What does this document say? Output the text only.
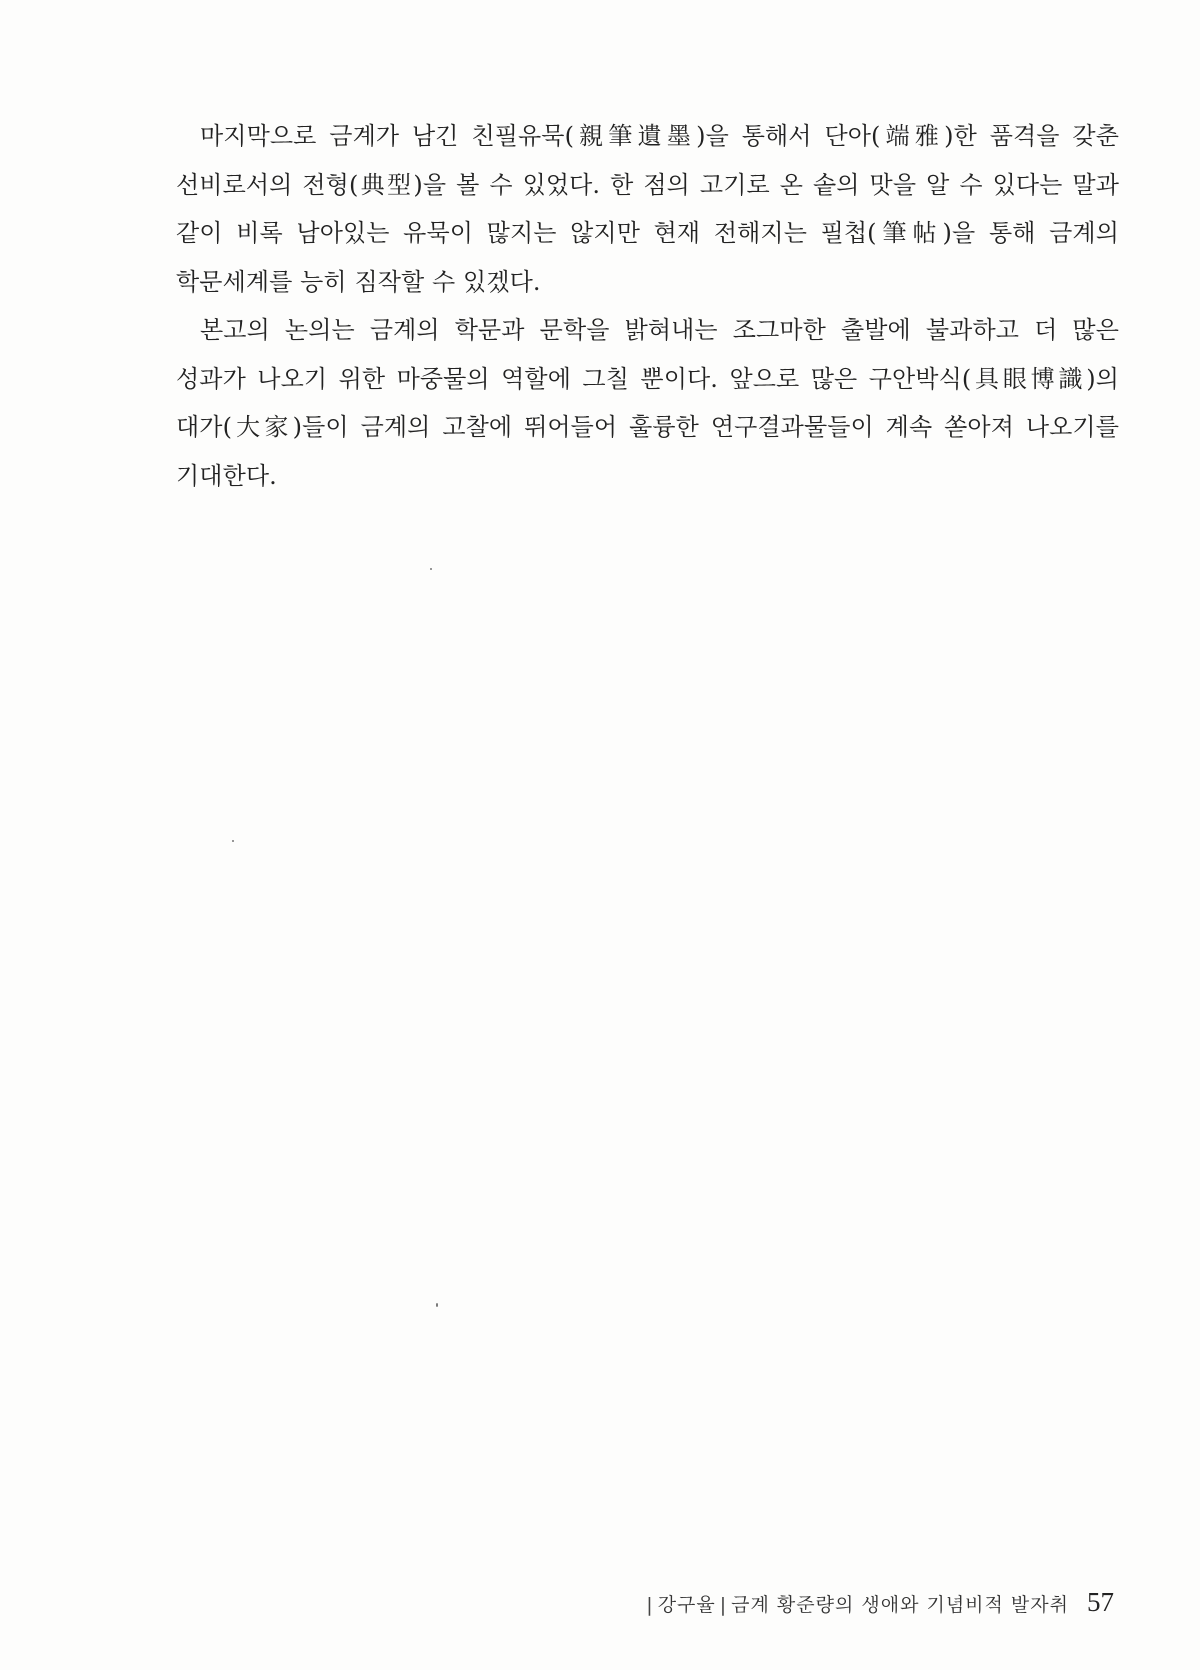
마지막으로 금계가 남긴 친필유묵(親筆遺墨)을 통해서 단아(端雅)한 품격을 갖춘 선비로서의 전형(典型)을 볼 수 있었다. 한 점의 고기로 온 솥의 맛을 알 수 있다는 말과 같이 비록 남아있는 유묵이 많지는 않지만 현재 전해지는 필첩(筆帖)을 통해 금계의 학문세계를 능히 짐작할 수 있겠다.

본고의 논의는 금계의 학문과 문학을 밝혀내는 조그마한 출발에 불과하고 더 많은 성과가 나오기 위한 마중물의 역할에 그칠 뿐이다. 앞으로 많은 구안박식(具眼博識)의 대가(大家)들이 금계의 고찰에 뛰어들어 훌륭한 연구결과물들이 계속 쏟아져 나오기를 기대한다.

| 강구율 | 금계 황준량의 생애와 기념비적 발자취 57
